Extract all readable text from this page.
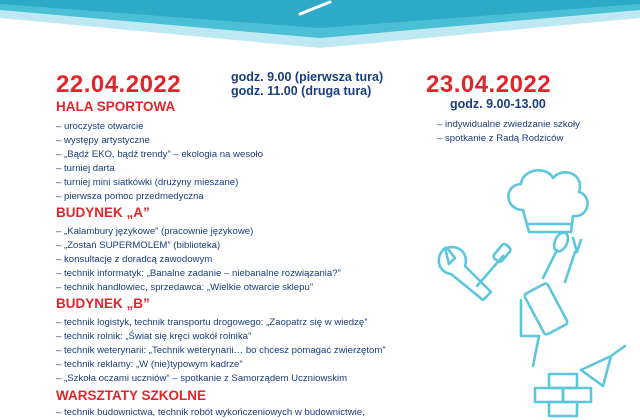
22.04.2022	godz. 9.00 (pierwsza tura)
godz. 11.00 (druga tura) 23.04.2022
godz. 9.00-13.00
– indywidualne zwiedzanie szkoły
– spotkanie z Radą Rodziców
HALA SPORTOWA
– uroczyste otwarcie
– występy artystyczne
– „Bądź EKO, bądź trendy” – ekologia na wesoło
– turniej darta
– turniej mini siatkówki (drużyny mieszane)
– pierwsza pomoc przedmedyczna
BUDYNEK „A”
– „Kalambury językowe” (pracownie językowe)
– „Zostań SUPERMOLEM” (biblioteka)
– konsultacje z doradcą zawodowym
– technik informatyk: „Banalne zadanie – niebanalne rozwiązania?”
– technik handlowiec, sprzedawca: „Wielkie otwarcie sklepu”
BUDYNEK „B”
– technik logistyk, technik transportu drogowego: „Zaopatrz się w wiedzę”
– technik rolnik: „Świat się kręci wokół rolnika”
– technik weterynarii: „Technik weterynarii… bo chcesz pomagać zwierzętom”
– technik reklamy: „W (nie)typowym kadrze”
– „Szkoła oczami uczniów” – spotkanie z Samorządem Uczniowskim
WARSZTATY SZKOLNE
– technik budownictwa, technik robót wykończeniowych w budownictwie,
